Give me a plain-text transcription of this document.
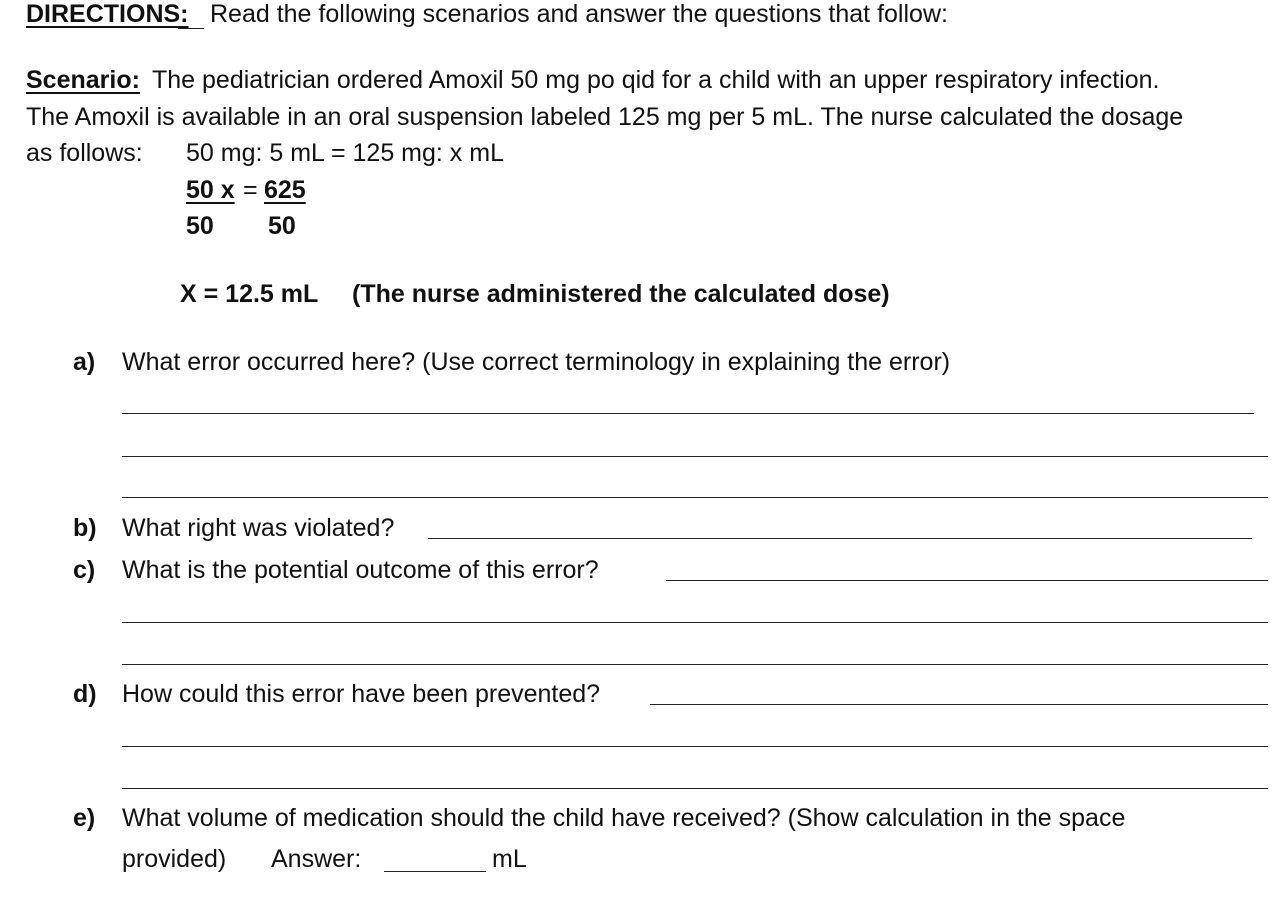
DIRECTIONS: Read the following scenarios and answer the questions that follow:
Scenario: The pediatrician ordered Amoxil 50 mg po qid for a child with an upper respiratory infection.
The Amoxil is available in an oral suspension labeled 125 mg per 5 mL. The nurse calculated the dosage
as follows: 50 mg: 5 mL = 125 mg: x mL
50 x = 625
50 50
X = 12.5 mL (The nurse administered the calculated dose)
a) What error occurred here? (Use correct terminology in explaining the error)
b) What right was violated?
c) What is the potential outcome of this error?
d) How could this error have been prevented?
e) What volume of medication should the child have received? (Show calculation in the space
provided) Answer:	mL
